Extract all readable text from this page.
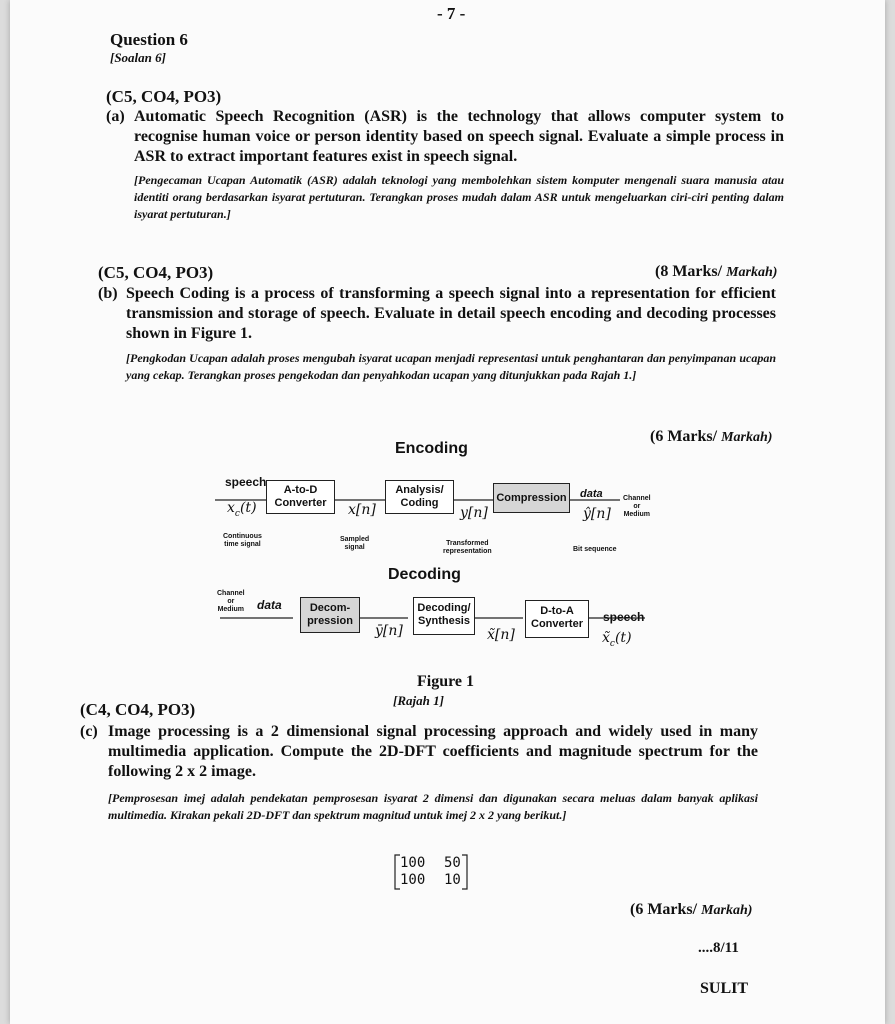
- 7 -
Question 6
[Soalan 6]
(C5, CO4, PO3)
(a) Automatic Speech Recognition (ASR) is the technology that allows computer system to recognise human voice or person identity based on speech signal. Evaluate a simple process in ASR to extract important features exist in speech signal.
[Pengecaman Ucapan Automatik (ASR) adalah teknologi yang membolehkan sistem komputer mengenali suara manusia atau identiti orang berdasarkan isyarat pertuturan. Terangkan proses mudah dalam ASR untuk mengeluarkan ciri-ciri penting dalam isyarat pertuturan.]
(C5, CO4, PO3)	(8 Marks/ Markah)
(b) Speech Coding is a process of transforming a speech signal into a representation for efficient transmission and storage of speech. Evaluate in detail speech encoding and decoding processes shown in Figure 1.
[Pengkodan Ucapan adalah proses mengubah isyarat ucapan menjadi representasi untuk penghantaran dan penyimpanan ucapan yang cekap. Terangkan proses pengekodan dan penyahkodan ucapan yang ditunjukkan pada Rajah 1.]
(6 Marks/ Markah)
Encoding
speech
$x_c(t)$
A-to-D
Converter	x[n]
Analysis/
Coding
y[n]
Compression	data
ŷ[n]
Channel
or
Medium
Continuous
time signal
Sampled
signal
Transformed
representation	Bit sequence
Decoding
Channel
or
Medium data	Decom-
pression
ȳ[n]
Decoding/
Synthesis
x̃[n]
D-to-A
Converter	speech
$x̃_c(t)$
Figure 1
[Rajah 1]
(C4, CO4, PO3)
(c) Image processing is a 2 dimensional signal processing approach and widely used in many multimedia application. Compute the 2D-DFT coefficients and magnitude spectrum for the following 2 x 2 image.
[Pemprosesan imej adalah pendekatan pemprosesan isyarat 2 dimensi dan digunakan secara meluas dalam banyak aplikasi multimedia. Kirakan pekali 2D-DFT dan spektrum magnitud untuk imej 2 x 2 yang berikut.]
100 50
100 10
(6 Marks/ Markah)
....8/11
SULIT
